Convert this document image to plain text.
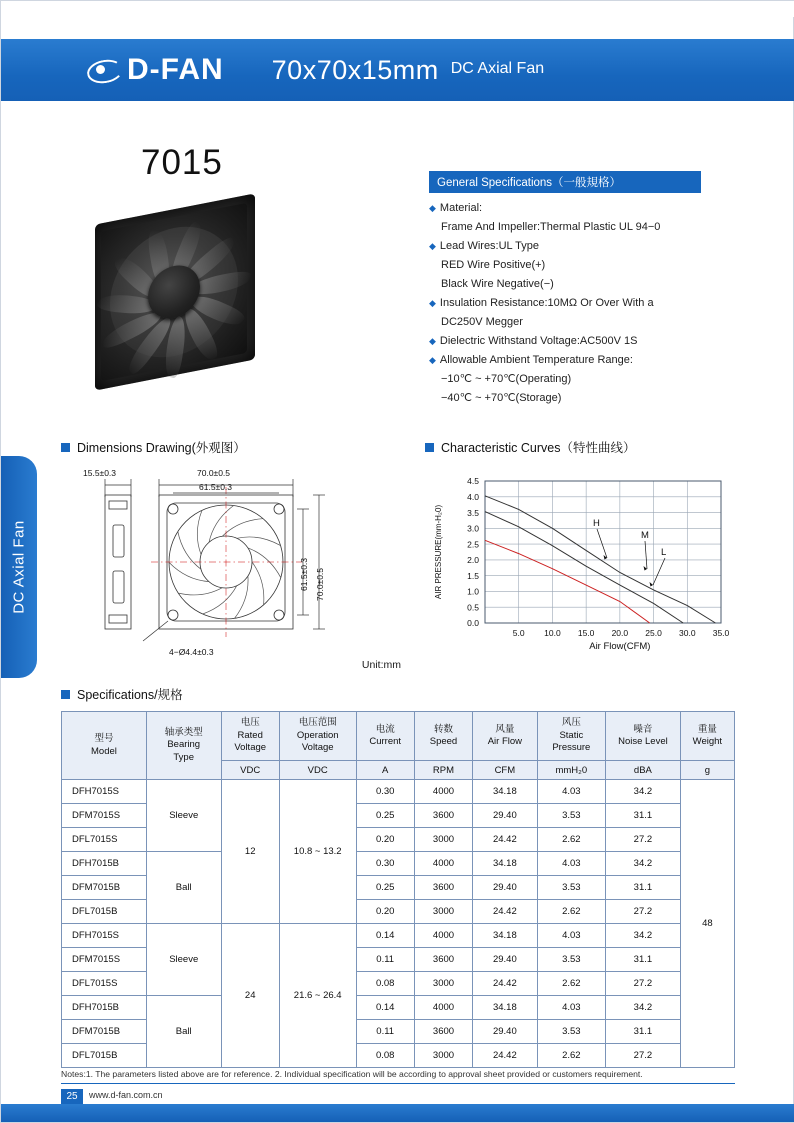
D-FAN 70x70x15mm DC Axial Fan
DC Axial Fan
7015
General Specifications（一般規格）
◆ Material:
Frame And Impeller:Thermal Plastic UL 94−0
◆ Lead Wires:UL Type
RED Wire Positive(+)
Black Wire Negative(−)
◆ Insulation Resistance:10MΩ Or Over With a
DC250V Megger
◆ Dielectric Withstand Voltage:AC500V 1S
◆ Allowable Ambient Temperature Range:
−10℃ ~ +70℃(Operating)
−40℃ ~ +70℃(Storage)
Dimensions Drawing(外观图）	Characteristic Curves（特性曲线）
Specifications/规格
70.0±0.5
61.5±0.3
15.5±0.3
4−Ø4.4±0.3
61.5±0.3 70.0±0.5
Unit:mm
0.0
0.5
1.0
1.5
2.0
2.5
3.0
3.5
4.0
4.5
5.0 10.0 15.0 20.0 25.0 30.0 35.0
H
M
L
Air Flow(CFM)
AIR PRESSURE(mm-H₂0)
型号
Model

轴承类型
Bearing
Type

电压
Rated
Voltage

电压范围
Operation
Voltage

电流
Current

转数
Speed

风量
Air Flow

风压
Static
Pressure

噪音
Noise Level

重量
Weight

		VDC	VDC	A	RPM	CFM	mmH₂0	dBA	g
DFH7015S	Sleeve	12	10.8 ~ 13.2	0.30	4000	34.18	4.03	34.2	48
DFM7015S				0.25	3600	29.40	3.53	31.1	
DFL7015S				0.20	3000	24.42	2.62	27.2	
DFH7015B	Ball			0.30	4000	34.18	4.03	34.2	
DFM7015B				0.25	3600	29.40	3.53	31.1	
DFL7015B				0.20	3000	24.42	2.62	27.2	
DFH7015S	Sleeve	24	21.6 ~ 26.4	0.14	4000	34.18	4.03	34.2	
DFM7015S				0.11	3600	29.40	3.53	31.1	
DFL7015S				0.08	3000	24.42	2.62	27.2	
DFH7015B	Ball			0.14	4000	34.18	4.03	34.2	
DFM7015B				0.11	3600	29.40	3.53	31.1	
DFL7015B				0.08	3000	24.42	2.62	27.2	
Notes:1. The parameters listed above are for reference. 2. Individual specification will be according to approval sheet provided or customers requirement.
25	www.d-fan.com.cn
